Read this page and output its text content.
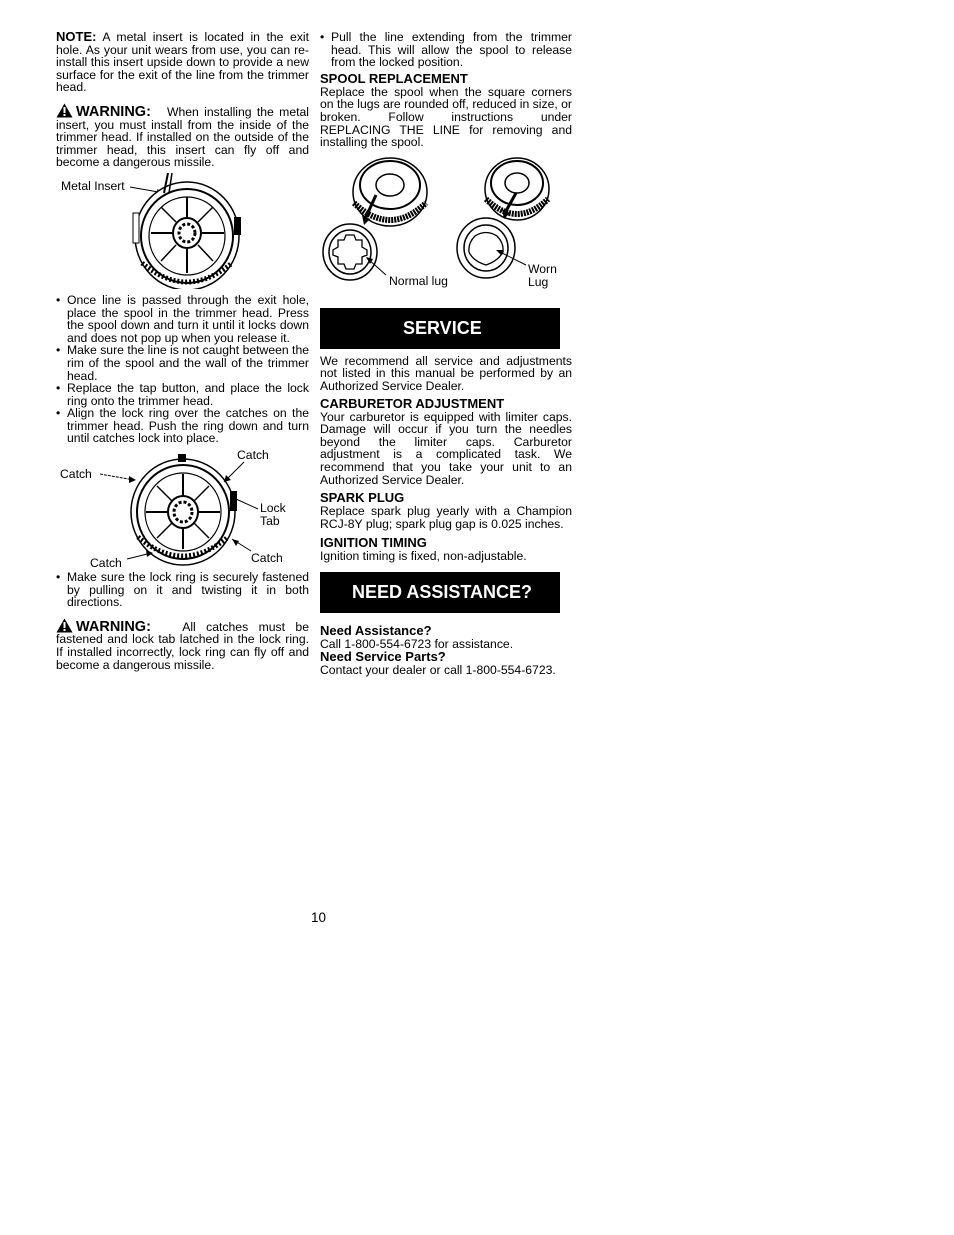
NOTE: A metal insert is located in the exit hole. As your unit wears from use, you can re-install this insert upside down to provide a new surface for the exit of the line from the trimmer head.

WARNING: When installing the metal insert, you must install from the inside of the trimmer head. If installed on the outside of the trimmer head, this insert can fly off and become a dangerous missile.

Metal Insert
• Once line is passed through the exit hole, place the spool in the trimmer head. Press the spool down and turn it until it locks down and does not pop up when you release it.
• Make sure the line is not caught between the rim of the spool and the wall of the trimmer head.
• Replace the tap button, and place the lock ring onto the trimmer head.
• Align the lock ring over the catches on the trimmer head. Push the ring down and turn until catches lock into place.
Catch
Catch
Lock
Tab
Catch
Catch
• Make sure the lock ring is securely fastened by pulling on it and twisting it in both directions.

WARNING:	All catches must be fastened and lock tab latched in the lock ring. If installed incorrectly, lock ring can fly off and become a dangerous missile.

• Pull the line extending from the trimmer head. This will allow the spool to release from the locked position.
SPOOL REPLACEMENT

Replace the spool when the square corners on the lugs are rounded off, reduced in size, or broken. Follow instructions under REPLACING THE LINE for removing and installing the spool.

Normal lug
Worn
Lug
SERVICE

We recommend all service and adjustments not listed in this manual be performed by an Authorized Service Dealer.

CARBURETOR ADJUSTMENT

Your carburetor is equipped with limiter caps. Damage will occur if you turn the needles beyond the limiter caps. Carburetor adjustment is a complicated task. We recommend that you take your unit to an Authorized Service Dealer.

SPARK PLUG

Replace spark plug yearly with a Champion RCJ-8Y plug; spark plug gap is 0.025 inches.

IGNITION TIMING

Ignition timing is fixed, non-adjustable.

NEED ASSISTANCE?
Need Assistance?

Call 1-800-554-6723 for assistance.

Need Service Parts?

Contact your dealer or call 1-800-554-6723.

10
